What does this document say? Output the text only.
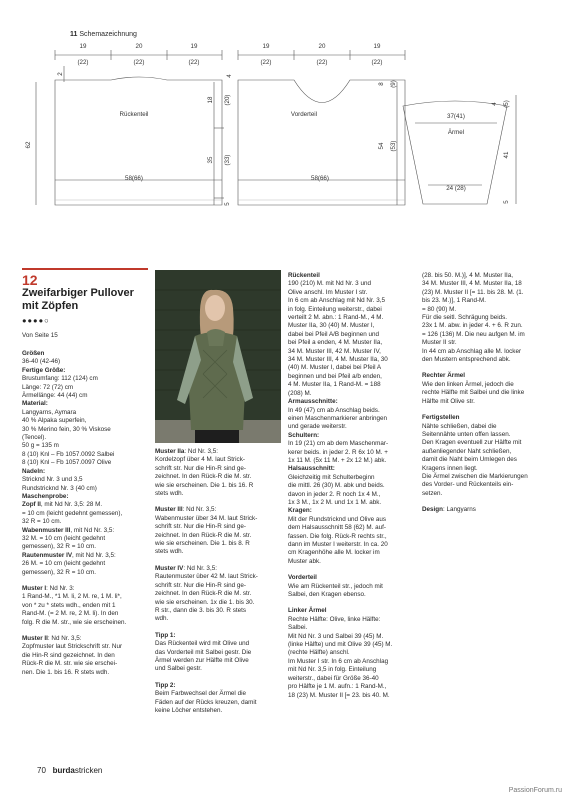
11 Schemazeichnung
19	20	19
(22)	(22)	(22)
Rückenteil
58(66)
62
2
18 (20)
35 (33)
5
19	20	19
(22)	(22)	(22)
Vorderteil
58(66)
4
8 (9)
54 (53)
37(41)
Ärmel
24 (28)
4 (5)
41
5
12
Zweifarbiger Pullover mit Zöpfen
●●●●○

Von Seite 15

Größen

36-40 (42-46)

Fertige Größe:

Brustumfang: 112 (124) cm

Länge: 72 (72) cm

Ärmellänge: 44 (44) cm

Material:

Langyarns, Aymara

40 % Alpaka superfein,

30 % Merino fein, 30 % Viskose

(Tencel).

50 g = 135 m

8 (10) Knl – Fb 1057.0092 Salbei

8 (10) Knl – Fb 1057.0097 Olive

Nadeln:

Stricknd Nr. 3 und 3,5

Rundstricknd Nr. 3 (40 cm)

Maschenprobe:

Zopf II, mit Nd Nr. 3,5: 28 M.

= 10 cm (leicht gedehnt gemessen),

32 R = 10 cm.

Wabenmuster III, mit Nd Nr. 3,5:

32 M. = 10 cm (leicht gedehnt

gemessen), 32 R = 10 cm.

Rautenmuster IV, mit Nd Nr. 3,5:

26 M. = 10 cm (leicht gedehnt

gemessen), 32 R = 10 cm.

Muster I: Nd Nr. 3:

1 Rand-M., *1 M. li, 2 M. re, 1 M. li*,

von * zu * stets wdh., enden mit 1

Rand-M. (= 2 M. re, 2 M. li). In den

folg. R die M. str., wie sie erscheinen.

Muster II: Nd Nr. 3,5:

Zopfmuster laut Strickschrift str. Nur

die Hin-R sind gezeichnet. In den

Rück-R die M. str. wie sie erschei-

nen. Die 1. bis 16. R stets wdh.

Muster IIa: Nd Nr. 3,5:

Kordelzopf über 4 M. laut Strick-

schrift str. Nur die Hin-R sind ge-

zeichnet. In den Rück-R die M. str.

wie sie erscheinen. Die 1. bis 16. R

stets wdh.

Muster III: Nd Nr. 3,5:

Wabenmuster über 34 M. laut Strick-

schrift str. Nur die Hin-R sind ge-

zeichnet. In den Rück-R die M. str.

wie sie erscheinen. Die 1. bis 8. R

stets wdh.

Muster IV: Nd Nr. 3,5:

Rautenmuster über 42 M. laut Strick-

schrift str. Nur die Hin-R sind ge-

zeichnet. In den Rück-R die M. str.

wie sie erscheinen. 1x die 1. bis 30.

R str., dann die 3. bis 30. R stets

wdh.

Tipp 1:

Das Rückenteil wird mit Olive und

das Vorderteil mit Salbei gestr. Die

Ärmel werden zur Hälfte mit Olive

und Salbei gestr.

Tipp 2:

Beim Farbwechsel der Ärmel die

Fäden auf der Rücks kreuzen, damit

keine Löcher entstehen.

Rückenteil

190 (210) M. mit Nd Nr. 3 und

Olive anschl. Im Muster I str.

In 6 cm ab Anschlag mit Nd Nr. 3,5

in folg. Einteilung weiterstr., dabei

verteilt 2 M. abn.: 1 Rand-M., 4 M.

Muster IIa, 30 (40) M. Muster I,

dabei bei Pfeil A/B beginnen und

bei Pfeil a enden, 4 M. Muster IIa,

34 M. Muster III, 42 M. Muster IV,

34 M. Muster III, 4 M. Muster IIa, 30

(40) M. Muster I, dabei bei Pfeil A

beginnen und bei Pfeil a/b enden,

4 M. Muster IIa, 1 Rand-M. = 188

(208) M.

Armausschnitte:

In 49 (47) cm ab Anschlag beids.

einen Maschenmarkierer anbringen

und gerade weiterstr.

Schultern:

In 19 (21) cm ab dem Maschenmar-

kerer beids. in jeder 2. R 6x 10 M. +

1x 11 M. (5x 11 M. + 2x 12 M.) abk.

Halsausschnitt:

Gleichzeitig mit Schulterbeginn

die mittl. 26 (30) M. abk und beids.

davon in jeder 2. R noch 1x 4 M.,

1x 3 M., 1x 2 M. und 1x 1 M. abk.

Kragen:

Mit der Rundstricknd und Olive aus

dem Halsausschnitt 58 (62) M. auf-

fassen. Die folg. Rück-R rechts str.,

dann im Muster I weiterstr. In ca. 20

cm Kragenhöhe alle M. locker im

Muster abk.

Vorderteil

Wie am Rückenteil str., jedoch mit

Salbei, den Kragen ebenso.

Linker Ärmel

Rechte Hälfte: Olive, linke Hälfte:

Salbei.

Mit Nd Nr. 3 und Salbei 39 (45) M.

(linke Hälfte) und mit Olive 39 (45) M.

(rechte Hälfte) anschl.

Im Muster I str. In 6 cm ab Anschlag

mit Nd Nr. 3,5 in folg. Einteilung

weiterstr., dabei für Größe 36-40

pro Hälfte je 1 M. aufn.: 1 Rand-M.,

18 (23) M. Muster II [= 23. bis 40. M.

(28. bis 50. M.)], 4 M. Muster IIa,

34 M. Muster III, 4 M. Muster IIa, 18

(23) M. Muster II [= 11. bis 28. M. (1.

bis 23. M.)], 1 Rand-M.

= 80 (90) M.

Für die seitl. Schrägung beids.

23x 1 M. abw. in jeder 4. + 6. R zun.

= 126 (136) M. Die neu aufgen M. im

Muster II str.

In 44 cm ab Anschlag alle M. locker

den Mustern entsprechend abk.

Rechter Ärmel

Wie den linken Ärmel, jedoch die

rechte Hälfte mit Salbei und die linke

Hälfte mit Olive str.

Fertigstellen

Nähte schließen, dabei die

Seitennähte unten offen lassen.

Den Kragen eventuell zur Hälfte mit

außenliegender Naht schließen,

damit die Naht beim Umlegen des

Kragens innen liegt.

Die Ärmel zwischen die Markierungen

des Vorder- und Rückenteils ein-

setzen.

Design: Langyarns

70 burdastricken
PassionForum.ru
